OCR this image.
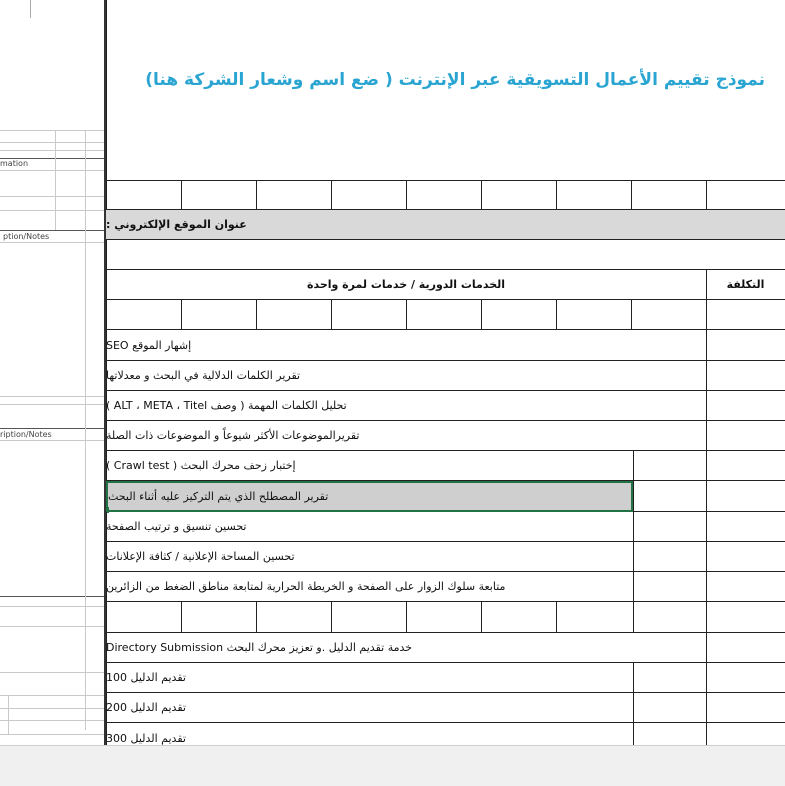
mation
ption/Notes
ription/Notes
نموذج تقييم الأعمال التسويقية عبر الإنترنت ( ضع اسم وشعار الشركة هنا)
عنوان الموقع الإلكتروني :
التكلفة
الخدمات الدورية / خدمات لمرة واحدة
إشهار الموقع SEO
تقرير الكلمات الدلالية في البحث و معدلاتها
تحليل الكلمات المهمة ( وصف ALT ، META ، Titel )
تقريرالموضوعات الأكثر شيوعاً و الموضوعات ذات الصلة
إختبار زحف محرك البحث ( Crawl test )
تقرير المصطلح الذي يتم التركيز عليه أثناء البحث
تحسين تنسيق و ترتيب الصفحة
تحسين المساحة الإعلانية / كثافة الإعلانات
متابعة سلوك الزوار على الصفحة و الخريطة الحرارية لمتابعة مناطق الضغط من الزائرين
خدمة تقديم الدليل .و تعزيز محرك البحث Directory Submission
تقديم الدليل 100
تقديم الدليل 200
تقديم الدليل 300
